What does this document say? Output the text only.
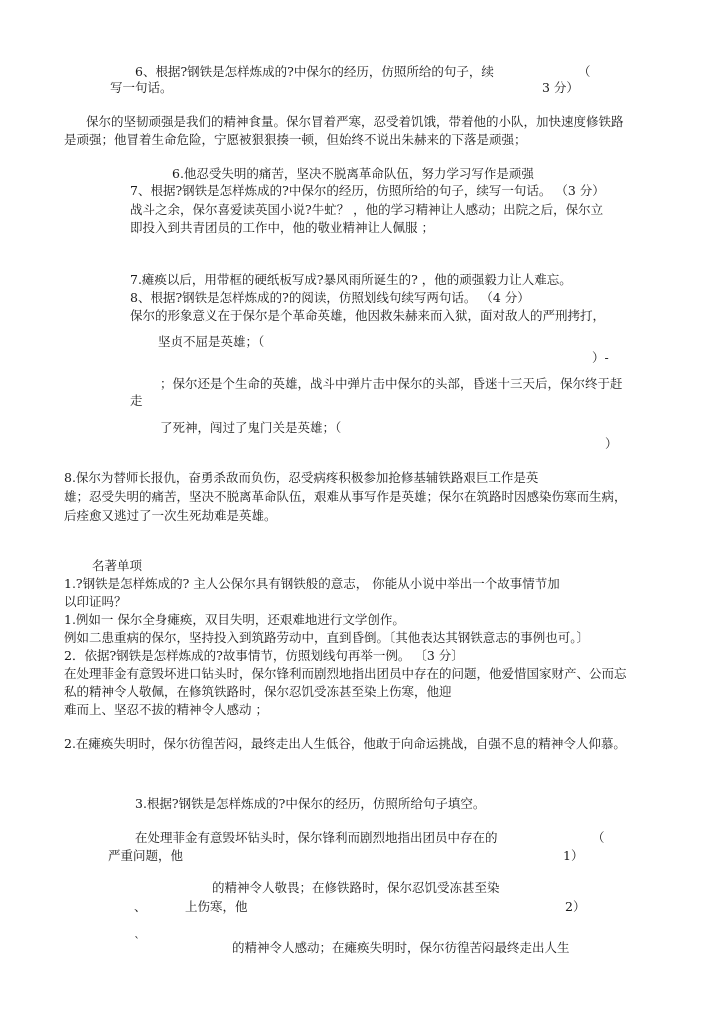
6、根据?钢铁是怎样炼成的?中保尔的经历，仿照所给的句子，续	（
写一句话。	3 分）
保尔的坚韧顽强是我们的精神食量。保尔冒着严寒，忍受着饥饿，带着他的小队，加快速度修铁路
是顽强；他冒着生命危险，宁愿被狠狠揍一顿，但始终不说出朱赫来的下落是顽强；
6.他忍受失明的痛苦，坚决不脱离革命队伍，努力学习写作是顽强
7、根据?钢铁是怎样炼成的?中保尔的经历，仿照所给的句子，续写一句话。 （3 分）
战斗之余，保尔喜爱读英国小说?牛虻？ ，他的学习精神让人感动；出院之后，保尔立
即投入到共青团员的工作中，他的敬业精神让人佩服 ；
7.瘫痪以后，用带框的硬纸板写成?暴风雨所诞生的? ，他的顽强毅力让人难忘。
8、根据?钢铁是怎样炼成的?的阅读，仿照划线句续写两句话。 （4 分）
保尔的形象意义在于保尔是个革命英雄，他因救朱赫来而入狱，面对敌人的严刑拷打，
坚贞不屈是英雄；（
）-
；保尔还是个生命的英雄，战斗中弹片击中保尔的头部，昏迷十三天后，保尔终于赶
走
了死神，闯过了鬼门关是英雄；（
）
8.保尔为替师长报仇，奋勇杀敌而负伤，忍受病疼积极参加抢修基辅铁路艰巨工作是英
雄；忍受失明的痛苦，坚决不脱离革命队伍，艰难从事写作是英雄；保尔在筑路时因感染伤寒而生病，
后痊愈又逃过了一次生死劫难是英雄。
名著单项
1.?钢铁是怎样炼成的? 主人公保尔具有钢铁般的意志， 你能从小说中举出一个故事情节加
以印证吗？
1.例如一 保尔全身瘫痪，双目失明，还艰难地进行文学创作。
例如二患重病的保尔，坚持投入到筑路劳动中，直到昏倒。〔其他表达其钢铁意志的事例也可。〕
2．依据?钢铁是怎样炼成的?故事情节，仿照划线句再举一例。 〔3 分〕
在处理菲金有意毁坏进口钻头时，保尔锋利而剧烈地指出团员中存在的问题，他爱惜国家财产、公而忘
私的精神令人敬佩，在修筑铁路时，保尔忍饥受冻甚至染上伤寒，他迎
难而上、坚忍不拔的精神令人感动 ；
2.在瘫痪失明时，保尔彷徨苦闷，最终走出人生低谷，他敢于向命运挑战，自强不息的精神令人仰慕。
3.根据?钢铁是怎样炼成的?中保尔的经历，仿照所给句子填空。
在处理菲金有意毁坏钻头时，保尔锋利而剧烈地指出团员中存在的	（
严重问题，他	1）
的精神令人敬畏；在修铁路时，保尔忍饥受冻甚至染
、	上伤寒，他	2）
`	的精神令人感动；在瘫痪失明时，保尔彷徨苦闷最终走出人生
